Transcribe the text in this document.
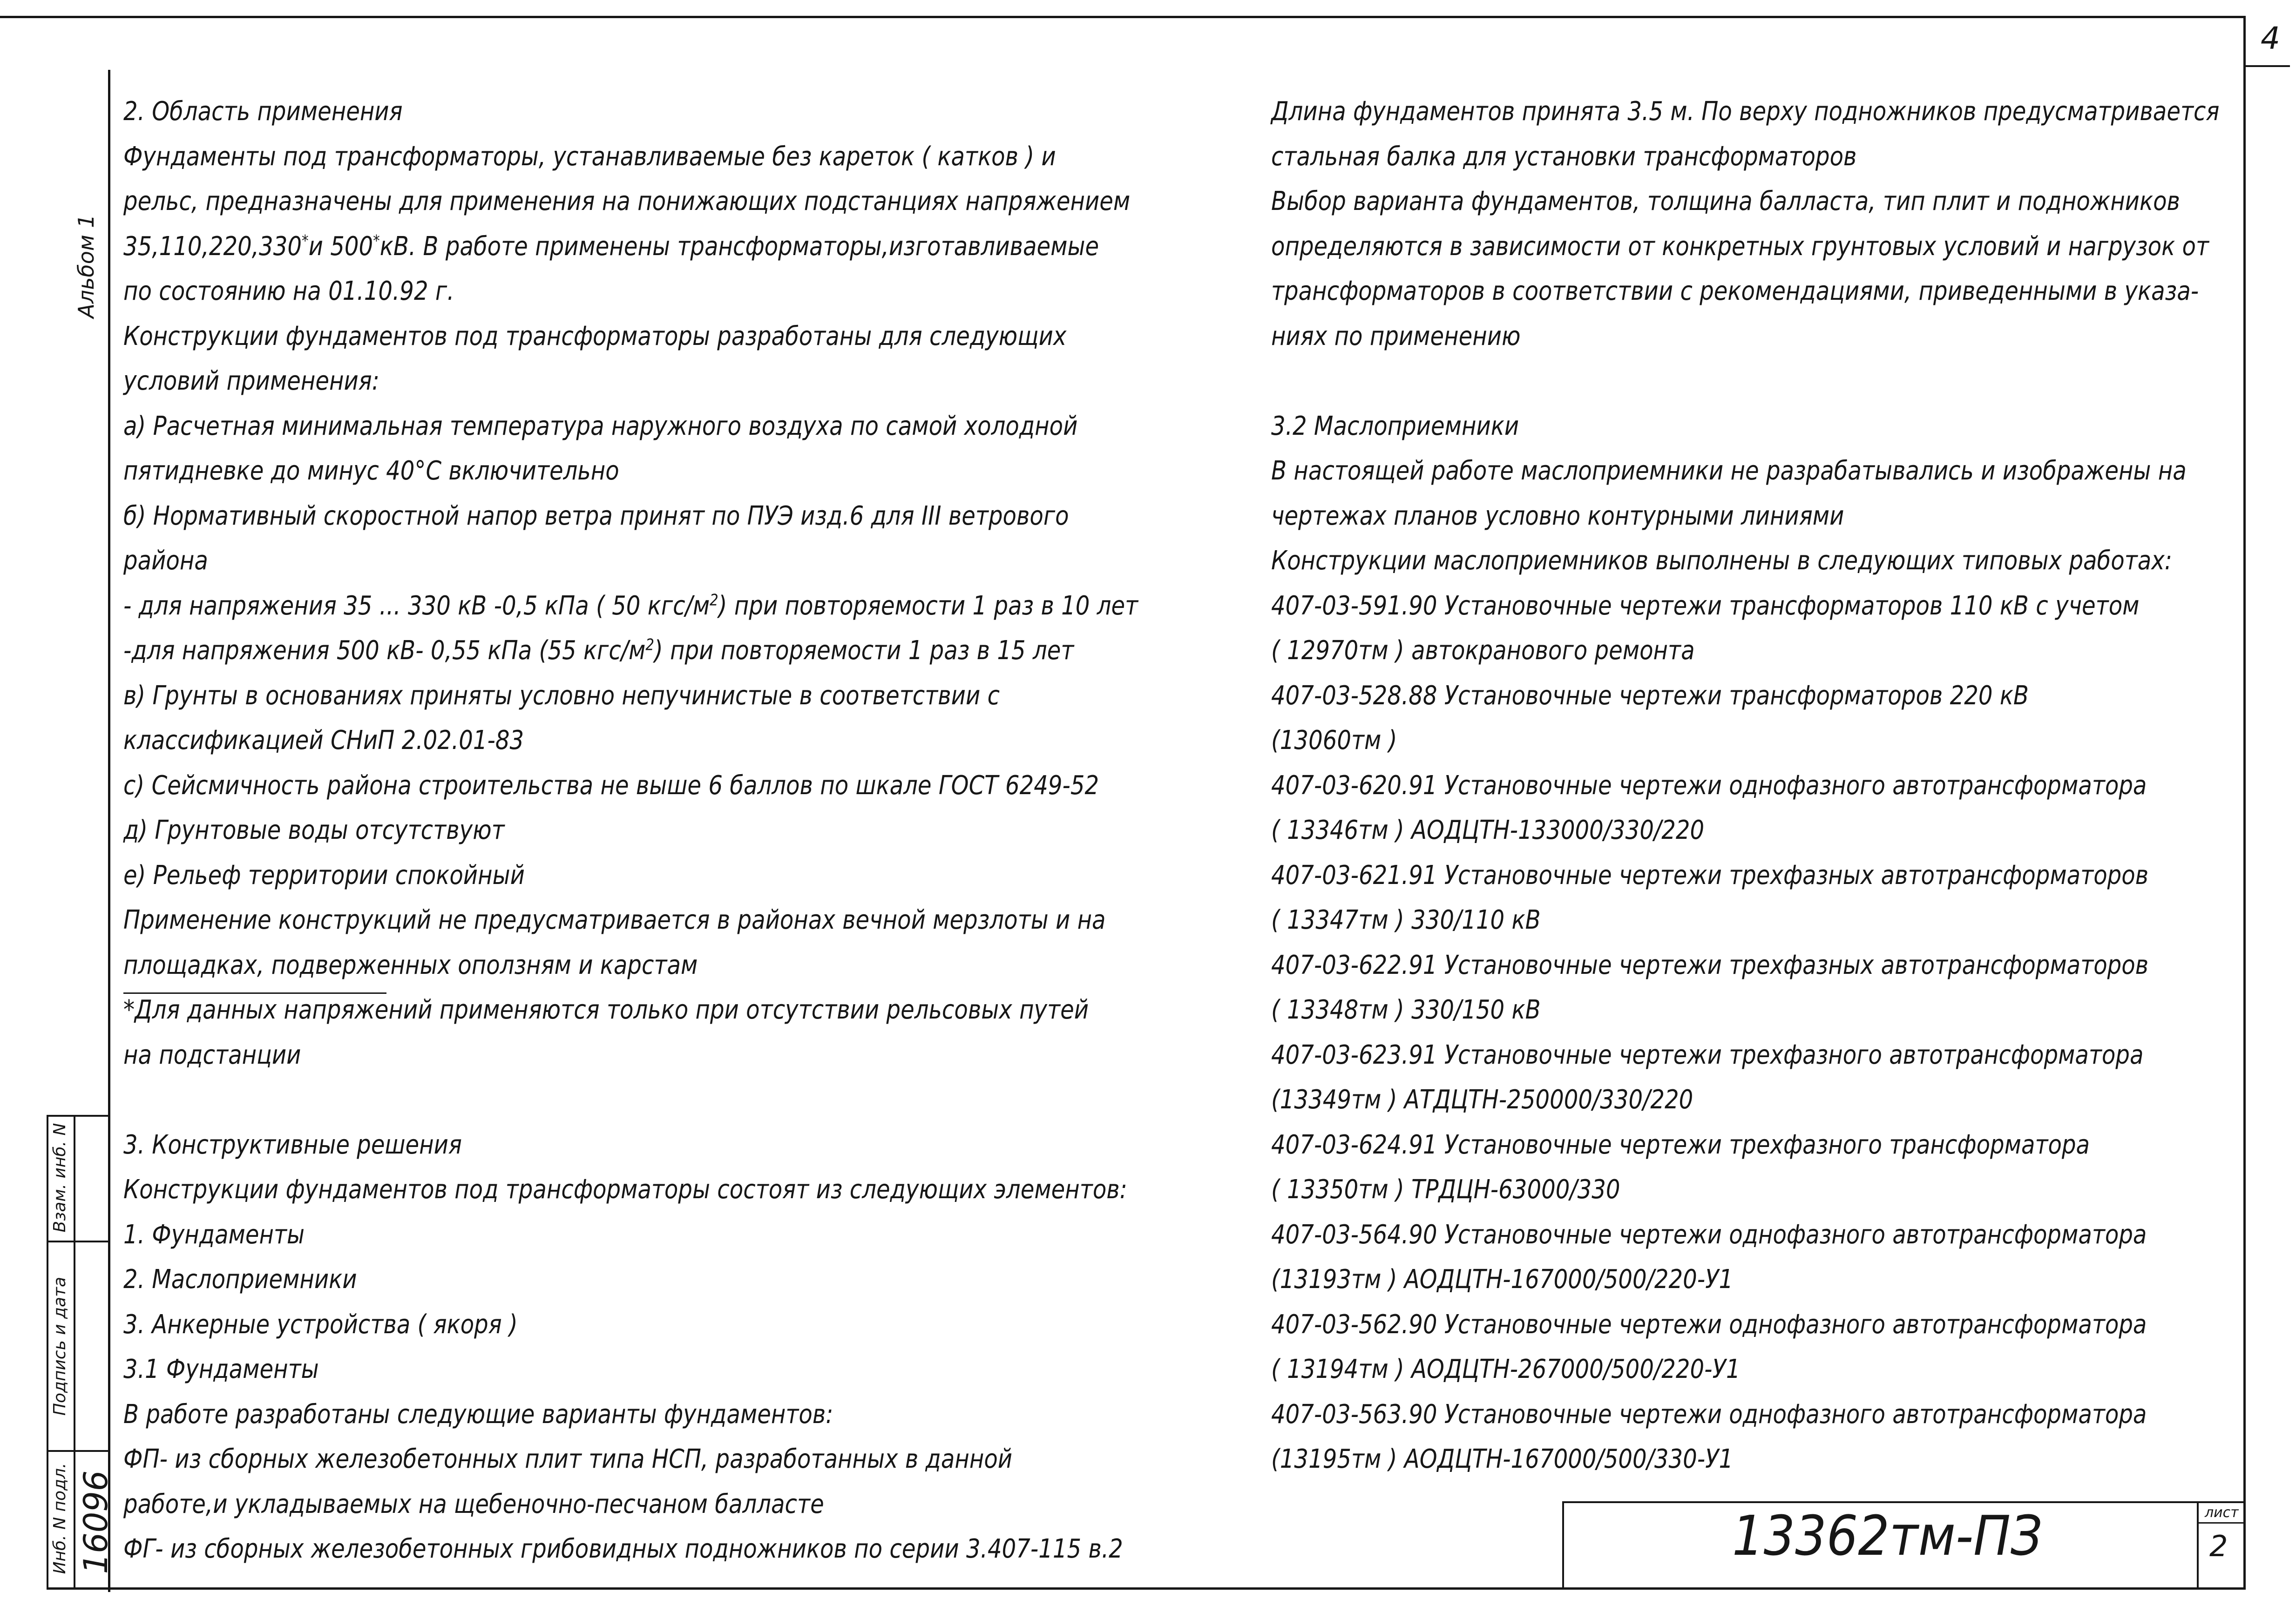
4
Альбом 1
Взам. инб. N
Подпись и дата
Инб. N подл. 16096	13362тм-ПЗ	лист
2
2. Область применения
Фундаменты под трансформаторы, устанавливаемые без кареток ( катков ) и
рельс, предназначены для применения на понижающих подстанциях напряжением
35,110,220,330*и 500*кВ. В работе применены трансформаторы,изготавливаемые
по состоянию на 01.10.92 г.
Конструкции фундаментов под трансформаторы разработаны для следующих
условий применения:
а) Расчетная минимальная температура наружного воздуха по самой холодной
пятидневке до минус 40°С включительно
б) Нормативный скоростной напор ветра принят по ПУЭ изд.6 для III ветрового
района
- для напряжения 35 ... 330 кВ -0,5 кПа ( 50 кгс/$м^2$) при повторяемости 1 раз в 10 лет
-для напряжения 500 кВ- 0,55 кПа (55 кгс/$м^2$) при повторяемости 1 раз в 15 лет
в) Грунты в основаниях приняты условно непучинистые в соответствии с
классификацией СНиП 2.02.01-83
с) Сейсмичность района строительства не выше 6 баллов по шкале ГОСТ 6249-52
д) Грунтовые воды отсутствуют
е) Рельеф территории спокойный
Применение конструкций не предусматривается в районах вечной мерзлоты и на
площадках, подверженных оползням и карстам
*Для данных напряжений применяются только при отсутствии рельсовых путей
на подстанции
3. Конструктивные решения
Конструкции фундаментов под трансформаторы состоят из следующих элементов:
1. Фундаменты
2. Маслоприемники
3. Анкерные устройства ( якоря )
3.1 Фундаменты
В работе разработаны следующие варианты фундаментов:
ФП- из сборных железобетонных плит типа НСП, разработанных в данной
работе,и укладываемых на щебеночно-песчаном балласте
ФГ- из сборных железобетонных грибовидных подножников по серии 3.407-115 в.2
Длина фундаментов принята 3.5 м. По верху подножников предусматривается
стальная балка для установки трансформаторов
Выбор варианта фундаментов, толщина балласта, тип плит и подножников
определяются в зависимости от конкретных грунтовых условий и нагрузок от
трансформаторов в соответствии с рекомендациями, приведенными в указа-
ниях по применению
3.2 Маслоприемники
В настоящей работе маслоприемники не разрабатывались и изображены на
чертежах планов условно контурными линиями
Конструкции маслоприемников выполнены в следующих типовых работах:
407-03-591.90 Установочные чертежи трансформаторов 110 кВ с учетом
( 12970тм ) автокранового ремонта
407-03-528.88 Установочные чертежи трансформаторов 220 кВ
(13060тм )
407-03-620.91 Установочные чертежи однофазного автотрансформатора
( 13346тм ) АОДЦТН-133000/330/220
407-03-621.91 Установочные чертежи трехфазных автотрансформаторов
( 13347тм ) 330/110 кВ
407-03-622.91 Установочные чертежи трехфазных автотрансформаторов
( 13348тм ) 330/150 кВ
407-03-623.91 Установочные чертежи трехфазного автотрансформатора
(13349тм ) АТДЦТН-250000/330/220
407-03-624.91 Установочные чертежи трехфазного трансформатора
( 13350тм ) ТРДЦН-63000/330
407-03-564.90 Установочные чертежи однофазного автотрансформатора
(13193тм ) АОДЦТН-167000/500/220-У1
407-03-562.90 Установочные чертежи однофазного автотрансформатора
( 13194тм ) АОДЦТН-267000/500/220-У1
407-03-563.90 Установочные чертежи однофазного автотрансформатора
(13195тм ) АОДЦТН-167000/500/330-У1
